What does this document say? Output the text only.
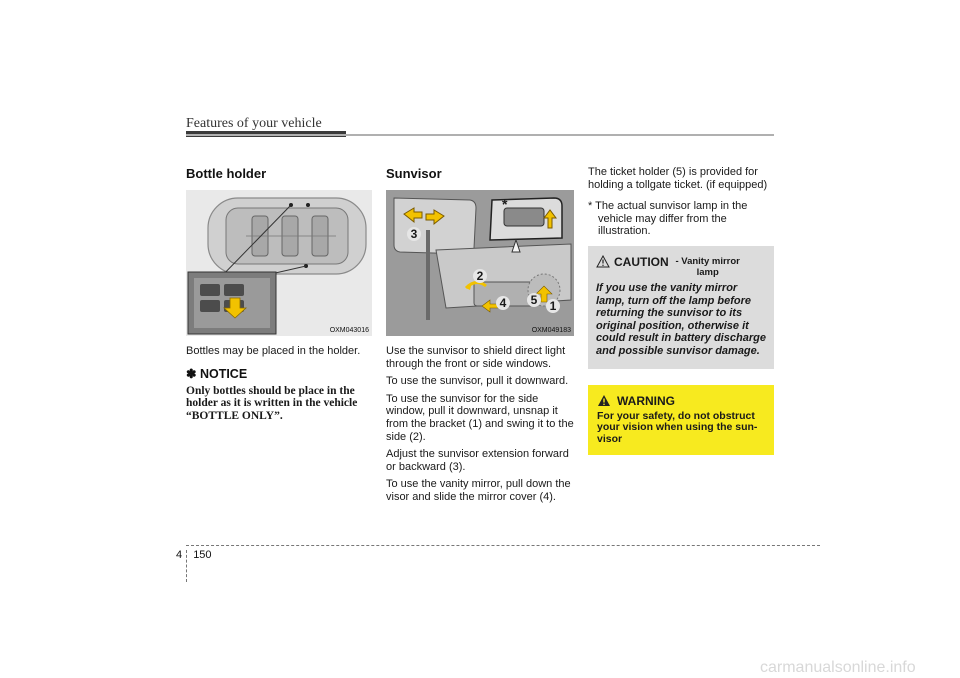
Features of your vehicle
Bottle holder
OXM043016

Bottles may be placed in the holder.

✽ NOTICE

Only bottles should be place in the holder as it is written in the vehicle “BOTTLE ONLY”.

Sunvisor
*
3
2
4	5	1
OXM049183

Use the sunvisor to shield direct light through the front or side windows.

To use the sunvisor, pull it downward.

To use the sunvisor for the side window, pull it downward, unsnap it from the bracket (1) and swing it to the side (2).

Adjust the sunvisor extension forward or backward (3).

To use the vanity mirror, pull down the visor and slide the mirror cover (4).

The ticket holder (5) is provided for holding a tollgate ticket. (if equipped)

* The actual sunvisor lamp in the vehicle may differ from the illustration.

CAUTION - Vanity mirror lamp

If you use the vanity mirror lamp, turn off the lamp before returning the sunvisor to its original position, otherwise it could result in battery discharge and possible sunvisor damage.

WARNING

For your safety, do not obstruct your vision when using the sun-visor

4 150
carmanualsonline.info
